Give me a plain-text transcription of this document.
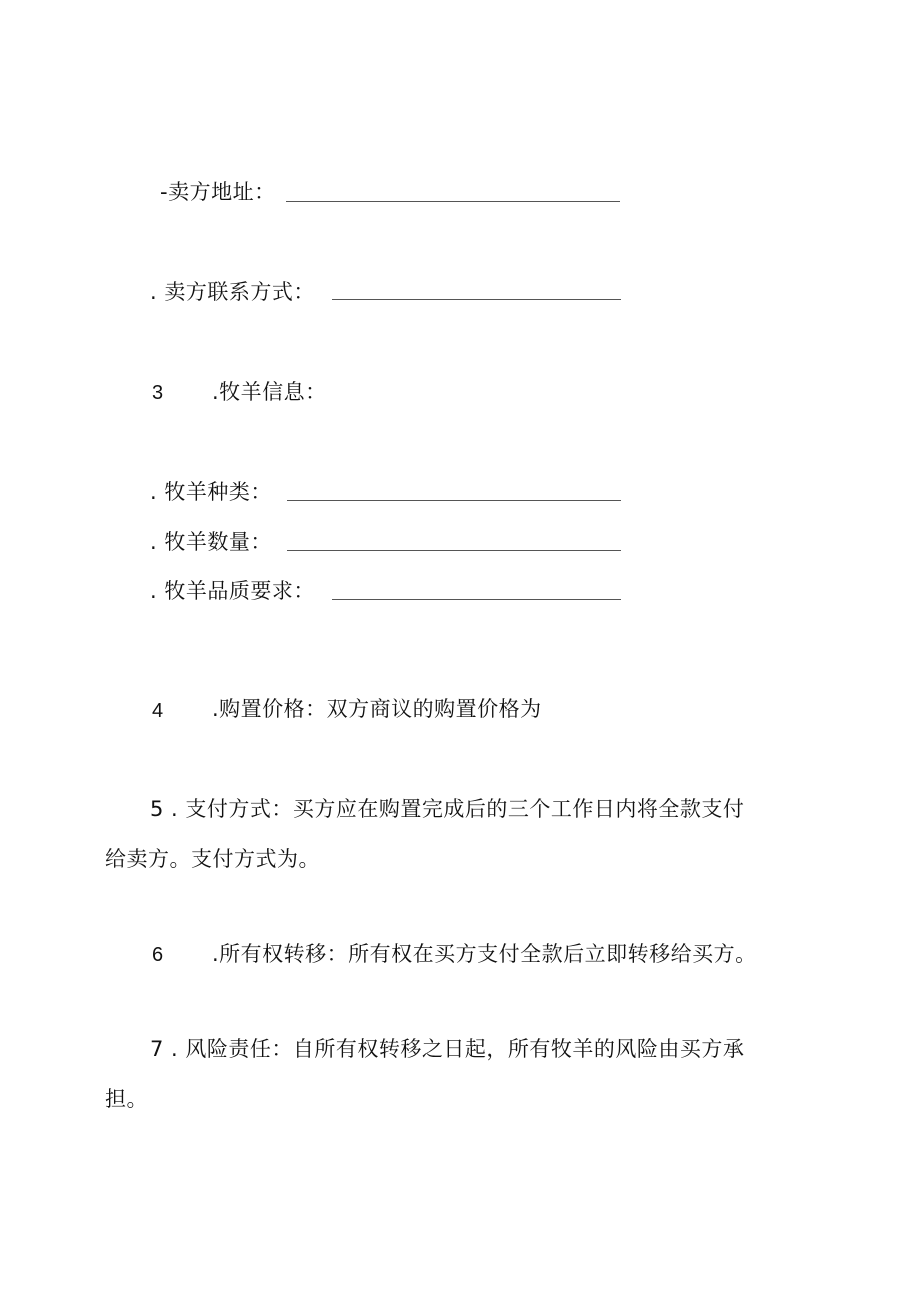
-卖方地址：
. 卖方联系方式：
3 .牧羊信息：
. 牧羊种类：
. 牧羊数量：
. 牧羊品质要求：
4 .购置价格：双方商议的购置价格为
5 . 支付方式：买方应在购置完成后的三个工作日内将全款支付
给卖方。支付方式为。
6 .所有权转移：所有权在买方支付全款后立即转移给买方。
7 . 风险责任：自所有权转移之日起，所有牧羊的风险由买方承
担。
